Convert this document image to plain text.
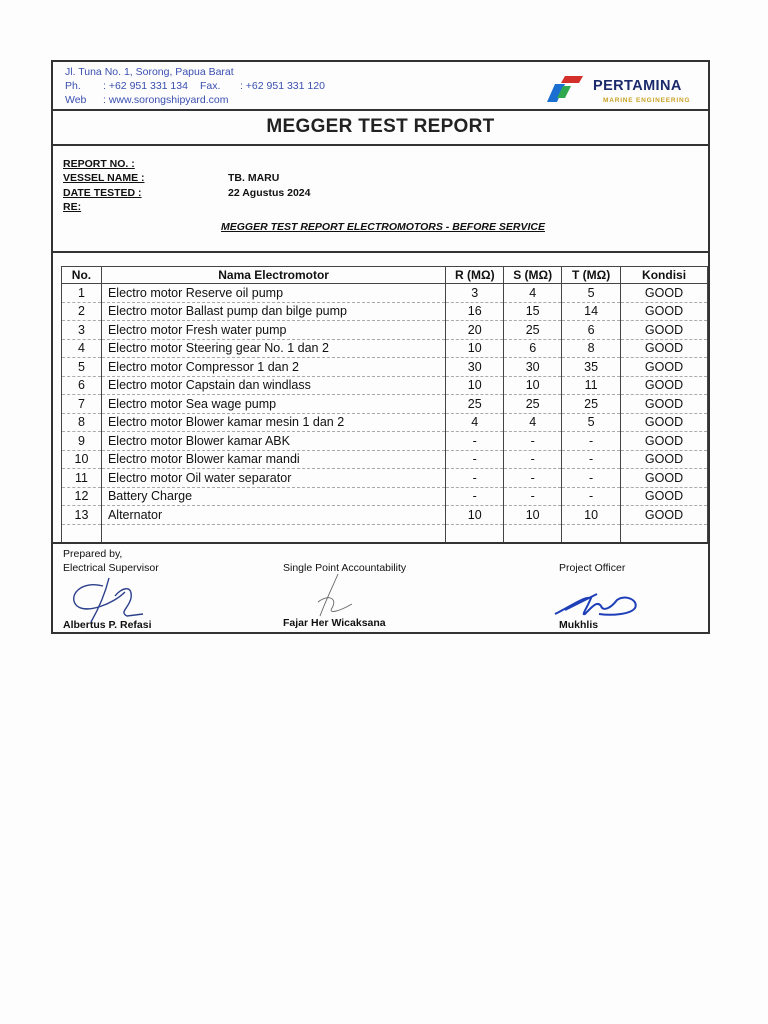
Jl. Tuna No. 1, Sorong, Papua Barat
Ph. : +62 951 331 134 Fax. : +62 951 331 120
Web : www.sorongshipyard.com
PERTAMINA
MARINE ENGINEERING
MEGGER TEST REPORT
REPORT NO. :
VESSEL NAME :	TB. MARU
DATE TESTED :	22 Agustus 2024
RE:
MEGGER TEST REPORT ELECTROMOTORS - BEFORE SERVICE
No.	Nama Electromotor	R (MΩ)	S (MΩ)	T (MΩ)	Kondisi
1	Electro motor Reserve oil pump	3	4	5	GOOD
2	Electro motor Ballast pump dan bilge pump	16	15	14	GOOD
3	Electro motor Fresh water pump	20	25	6	GOOD
4	Electro motor Steering gear No. 1 dan 2	10	6	8	GOOD
5	Electro motor Compressor 1 dan 2	30	30	35	GOOD
6	Electro motor Capstain dan windlass	10	10	11	GOOD
7	Electro motor Sea wage pump	25	25	25	GOOD
8	Electro motor Blower kamar mesin 1 dan 2	4	4	5	GOOD
9	Electro motor Blower kamar ABK	-	-	-	GOOD
10	Electro motor Blower kamar mandi	-	-	-	GOOD
11	Electro motor Oil water separator	-	-	-	GOOD
12	Battery Charge	-	-	-	GOOD
13	Alternator	10	10	10	GOOD

Prepared by,
Electrical Supervisor
Albertus P. Refasi
Single Point Accountability
Fajar Her Wicaksana
Project Officer
Mukhlis
